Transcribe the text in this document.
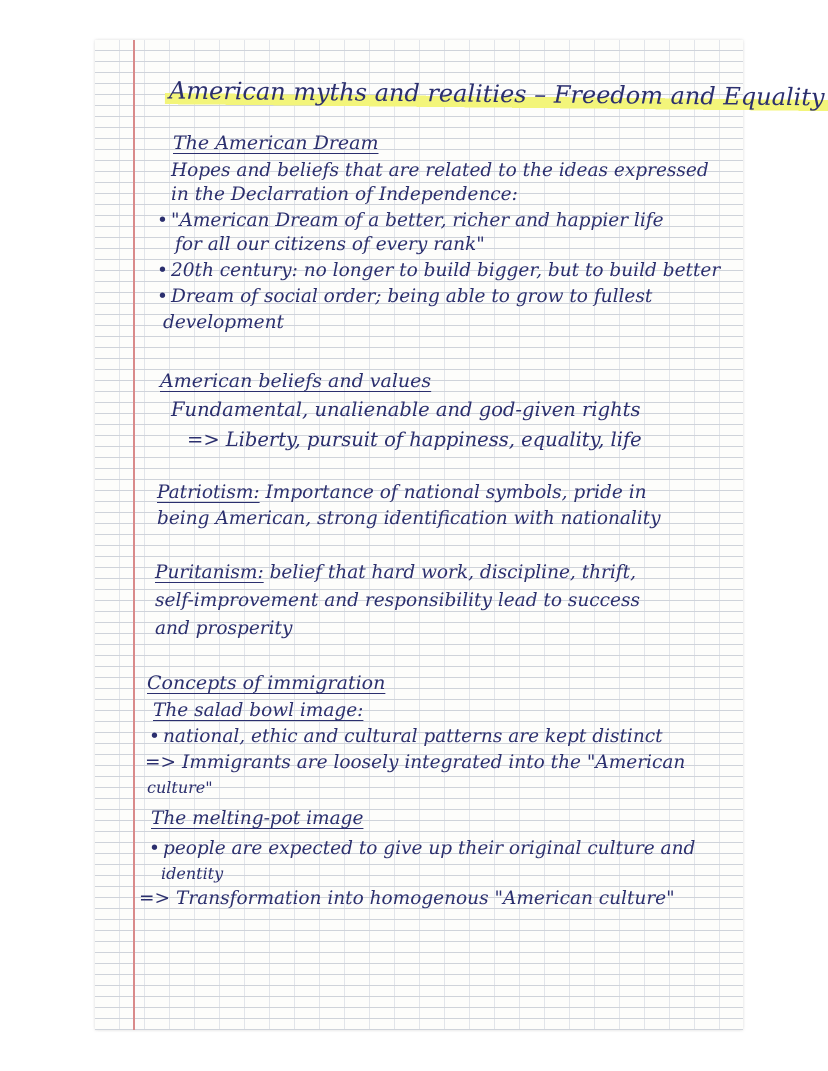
American myths and realities – Freedom and Equality
The American Dream
Hopes and beliefs that are related to the ideas expressed
in the Declarration of Independence:
• "American Dream of a better, richer and happier life
for all our citizens of every rank"
• 20th century: no longer to build bigger, but to build better
• Dream of social order; being able to grow to fullest
development
American beliefs and values
Fundamental, unalienable and god-given rights
=> Liberty, pursuit of happiness, equality, life
Patriotism: Importance of national symbols, pride in
being American, strong identification with nationality
Puritanism: belief that hard work, discipline, thrift,
self-improvement and responsibility lead to success
and prosperity
Concepts of immigration
The salad bowl image:
• national, ethic and cultural patterns are kept distinct
=> Immigrants are loosely integrated into the "American
culture"
The melting-pot image
• people are expected to give up their original culture and
identity
=> Transformation into homogenous "American culture"
